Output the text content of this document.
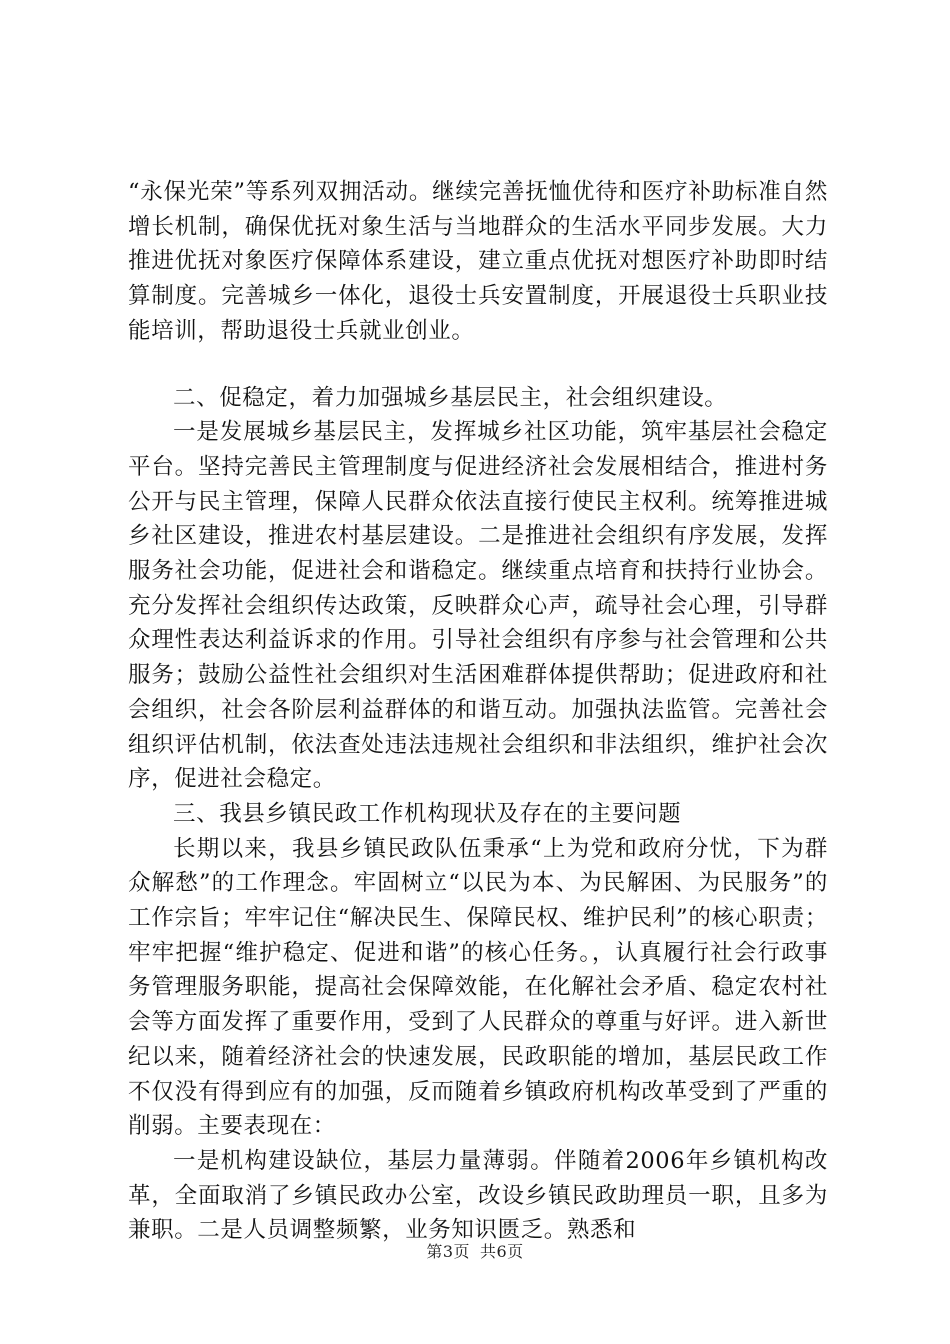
“永保光荣”等系列双拥活动。继续完善抚恤优待和医疗补助标准自然增长机制，确保优抚对象生活与当地群众的生活水平同步发展。大力推进优抚对象医疗保障体系建设，建立重点优抚对想医疗补助即时结算制度。完善城乡一体化，退役士兵安置制度，开展退役士兵职业技能培训，帮助退役士兵就业创业。

二、促稳定，着力加强城乡基层民主，社会组织建设。

一是发展城乡基层民主，发挥城乡社区功能，筑牢基层社会稳定平台。坚持完善民主管理制度与促进经济社会发展相结合，推进村务公开与民主管理，保障人民群众依法直接行使民主权利。统筹推进城乡社区建设，推进农村基层建设。二是推进社会组织有序发展，发挥服务社会功能，促进社会和谐稳定。继续重点培育和扶持行业协会。充分发挥社会组织传达政策，反映群众心声，疏导社会心理，引导群众理性表达利益诉求的作用。引导社会组织有序参与社会管理和公共服务；鼓励公益性社会组织对生活困难群体提供帮助；促进政府和社会组织，社会各阶层利益群体的和谐互动。加强执法监管。完善社会组织评估机制，依法查处违法违规社会组织和非法组织，维护社会次序，促进社会稳定。

三、我县乡镇民政工作机构现状及存在的主要问题

长期以来，我县乡镇民政队伍秉承“上为党和政府分忧，下为群众解愁”的工作理念。牢固树立“以民为本、为民解困、为民服务”的工作宗旨；牢牢记住“解决民生、保障民权、维护民利”的核心职责；牢牢把握“维护稳定、促进和谐”的核心任务。，认真履行社会行政事务管理服务职能，提高社会保障效能，在化解社会矛盾、稳定农村社会等方面发挥了重要作用，受到了人民群众的尊重与好评。进入新世纪以来，随着经济社会的快速发展，民政职能的增加，基层民政工作不仅没有得到应有的加强，反而随着乡镇政府机构改革受到了严重的削弱。主要表现在：

一是机构建设缺位，基层力量薄弱。伴随着2006年乡镇机构改革，全面取消了乡镇民政办公室，改设乡镇民政助理员一职，且多为兼职。二是人员调整频繁，业务知识匮乏。熟悉和

第3页 共6页
